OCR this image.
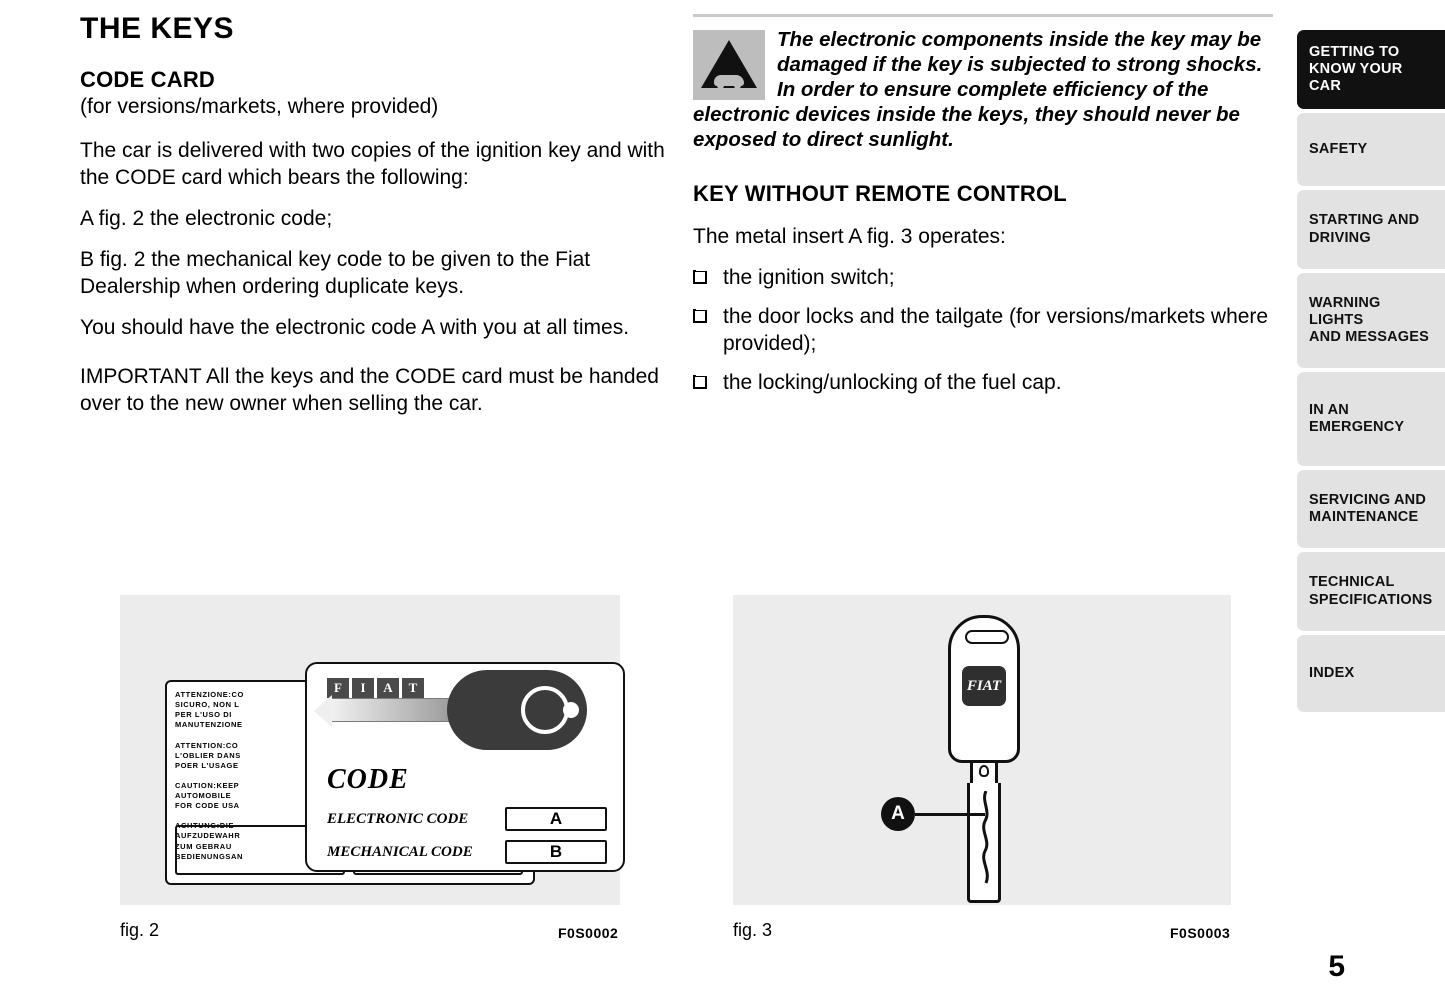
THE KEYS
CODE CARD
(for versions/markets, where provided)

The car is delivered with two copies of the ignition key and with the CODE card which bears the following:

A fig. 2 the electronic code;

B fig. 2 the mechanical key code to be given to the Fiat Dealership when ordering duplicate keys.

You should have the electronic code A with you at all times.

IMPORTANT All the keys and the CODE card must be handed over to the new owner when selling the car.

The electronic components inside the key may be damaged if the key is subjected to strong shocks. In order to ensure complete efficiency of the electronic devices inside the keys, they should never be exposed to direct sunlight.

KEY WITHOUT REMOTE CONTROL

The metal insert A fig. 3 operates:

the ignition switch;
the door locks and the tailgate (for versions/markets where provided);
the locking/unlocking of the fuel cap.
ATTENZIONE:CO
SICURO, NON L
PER L'USO DI
MANUTENZIONE
ATTENTION:CO
L'OBLIER DANS
POER L'USAGE
CAUTION:KEEP
AUTOMOBILE
FOR CODE USA
ACHTUNG:DIE
AUFZUDEWAHR
ZUM GEBRAU
BEDIENUNGSAN
F	I	A	T
CODE
ELECTRONIC CODE	A
MECHANICAL CODE	B
fig. 2	F0S0002
FIAT
A
fig. 3	F0S0003
GETTING TO
KNOW YOUR CAR
SAFETY
STARTING AND
DRIVING
WARNING LIGHTS
AND MESSAGES
IN AN EMERGENCY
SERVICING AND
MAINTENANCE
TECHNICAL
SPECIFICATIONS
INDEX
5
